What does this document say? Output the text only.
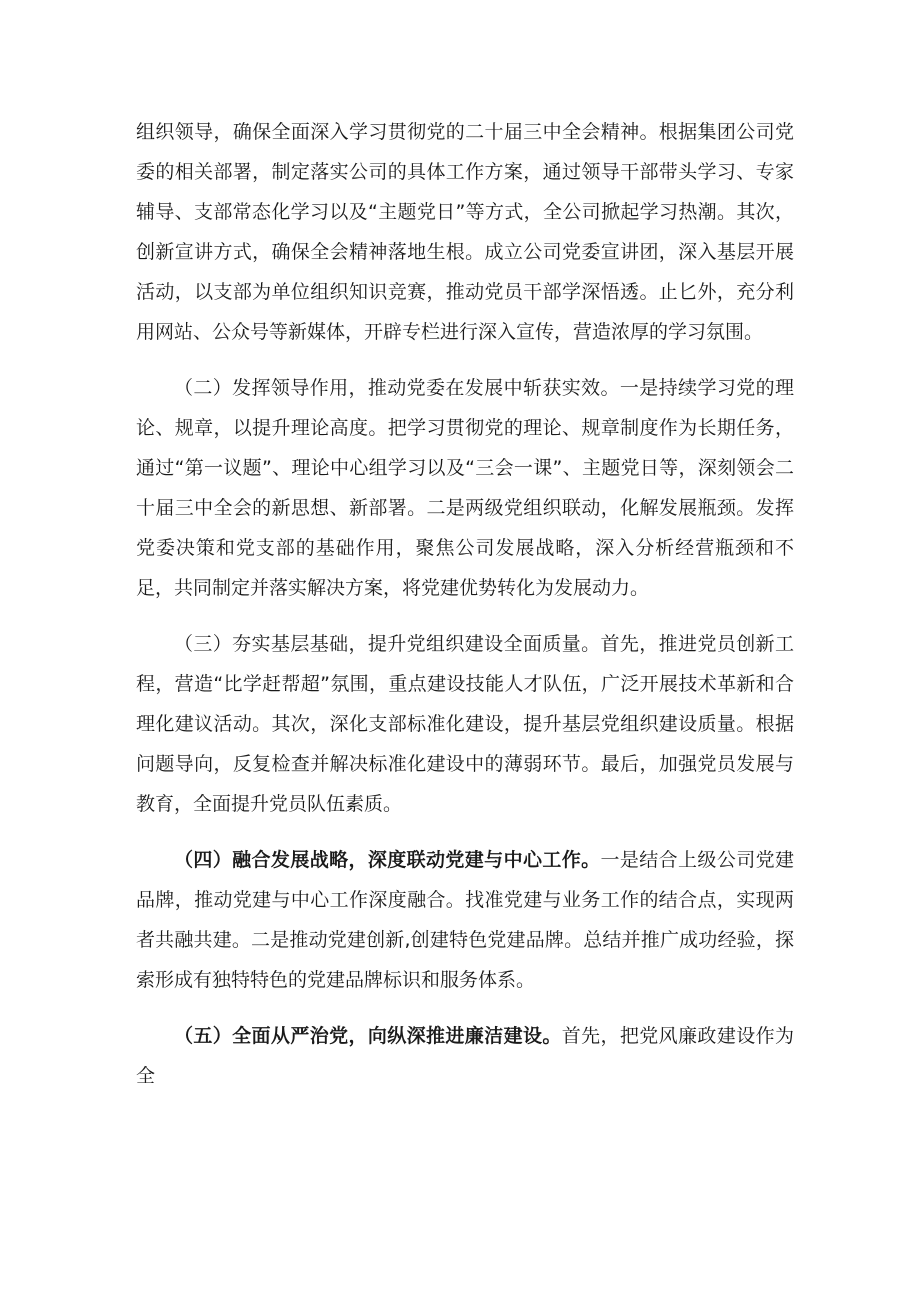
组织领导，确保全面深入学习贯彻党的二十届三中全会精神。根据集团公司党委的相关部署，制定落实公司的具体工作方案，通过领导干部带头学习、专家辅导、支部常态化学习以及“主题党日”等方式，全公司掀起学习热潮。其次，创新宣讲方式，确保全会精神落地生根。成立公司党委宣讲团，深入基层开展活动，以支部为单位组织知识竞赛，推动党员干部学深悟透。止匕外，充分利用网站、公众号等新媒体，开辟专栏进行深入宣传，营造浓厚的学习氛围。

（二）发挥领导作用，推动党委在发展中斩获实效。一是持续学习党的理论、规章，以提升理论高度。把学习贯彻党的理论、规章制度作为长期任务，通过“第一议题”、理论中心组学习以及“三会一课”、主题党日等，深刻领会二十届三中全会的新思想、新部署。二是两级党组织联动，化解发展瓶颈。发挥党委决策和党支部的基础作用，聚焦公司发展战略，深入分析经营瓶颈和不足，共同制定并落实解决方案，将党建优势转化为发展动力。

（三）夯实基层基础，提升党组织建设全面质量。首先，推进党员创新工程，营造“比学赶帮超”氛围，重点建设技能人才队伍，广泛开展技术革新和合理化建议活动。其次，深化支部标准化建设，提升基层党组织建设质量。根据问题导向，反复检查并解决标准化建设中的薄弱环节。最后，加强党员发展与教育，全面提升党员队伍素质。

（四）融合发展战略，深度联动党建与中心工作。一是结合上级公司党建品牌，推动党建与中心工作深度融合。找准党建与业务工作的结合点，实现两者共融共建。二是推动党建创新,创建特色党建品牌。总结并推广成功经验，探索形成有独特特色的党建品牌标识和服务体系。

（五）全面从严治党，向纵深推进廉洁建设。首先，把党风廉政建设作为全
